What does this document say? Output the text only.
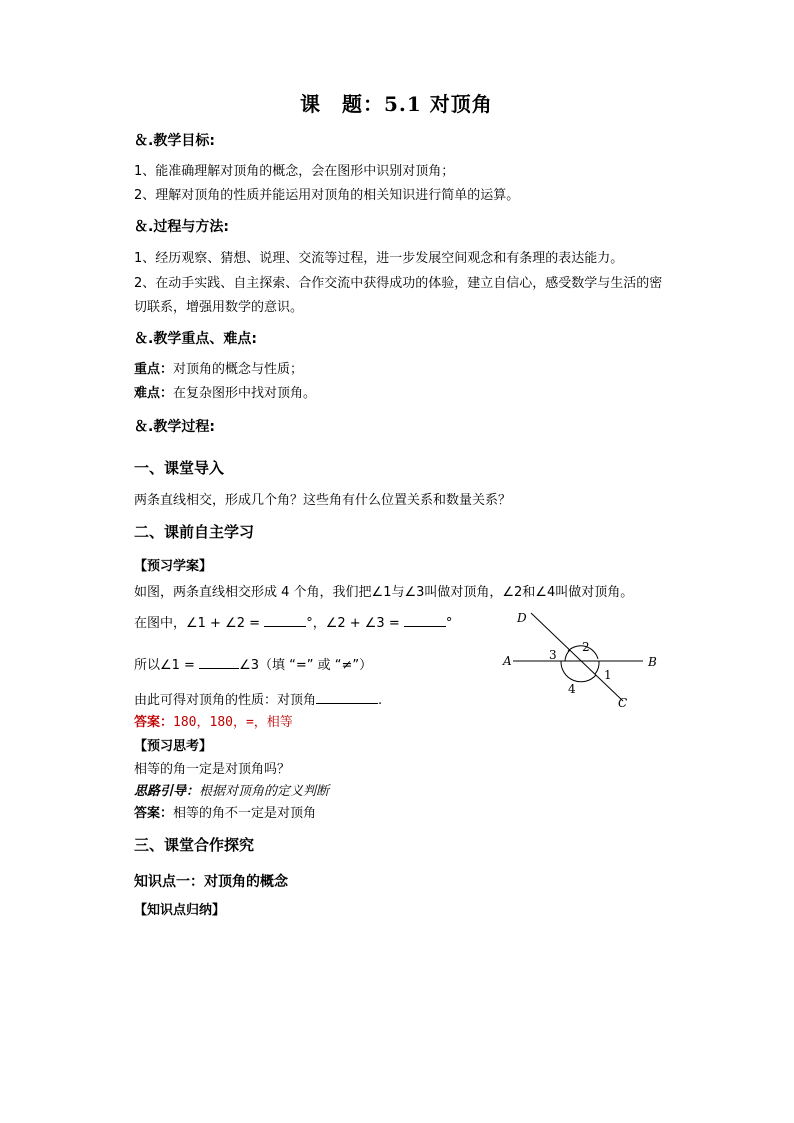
课　题：5.1 对顶角
＆.教学目标:
1、能准确理解对顶角的概念，会在图形中识别对顶角；
2、理解对顶角的性质并能运用对顶角的相关知识进行简单的运算。
＆.过程与方法:
1、经历观察、猜想、说理、交流等过程，进一步发展空间观念和有条理的表达能力。
2、在动手实践、自主探索、合作交流中获得成功的体验，建立自信心，感受数学与生活的密
切联系，增强用数学的意识。
＆.教学重点、难点:
重点：对顶角的概念与性质；
难点：在复杂图形中找对顶角。
＆.教学过程:
一、课堂导入
两条直线相交，形成几个角？这些角有什么位置关系和数量关系？
二、课前自主学习
【预习学案】
如图，两条直线相交形成 4 个角，我们把∠1与∠3叫做对顶角，∠2和∠4叫做对顶角。
在图中，∠1 + ∠2 =	°，∠2 + ∠3 =	°
所以∠1 =	∠3（填 “=” 或 “≠”）
由此可得对顶角的性质：对顶角	.
答案：180，180，=，相等
【预习思考】
相等的角一定是对顶角吗？
思路引导：根据对顶角的定义判断
答案：相等的角不一定是对顶角
三、课堂合作探究
知识点一：对顶角的概念
【知识点归纳】
D
A	B
C
3
2
1
4
